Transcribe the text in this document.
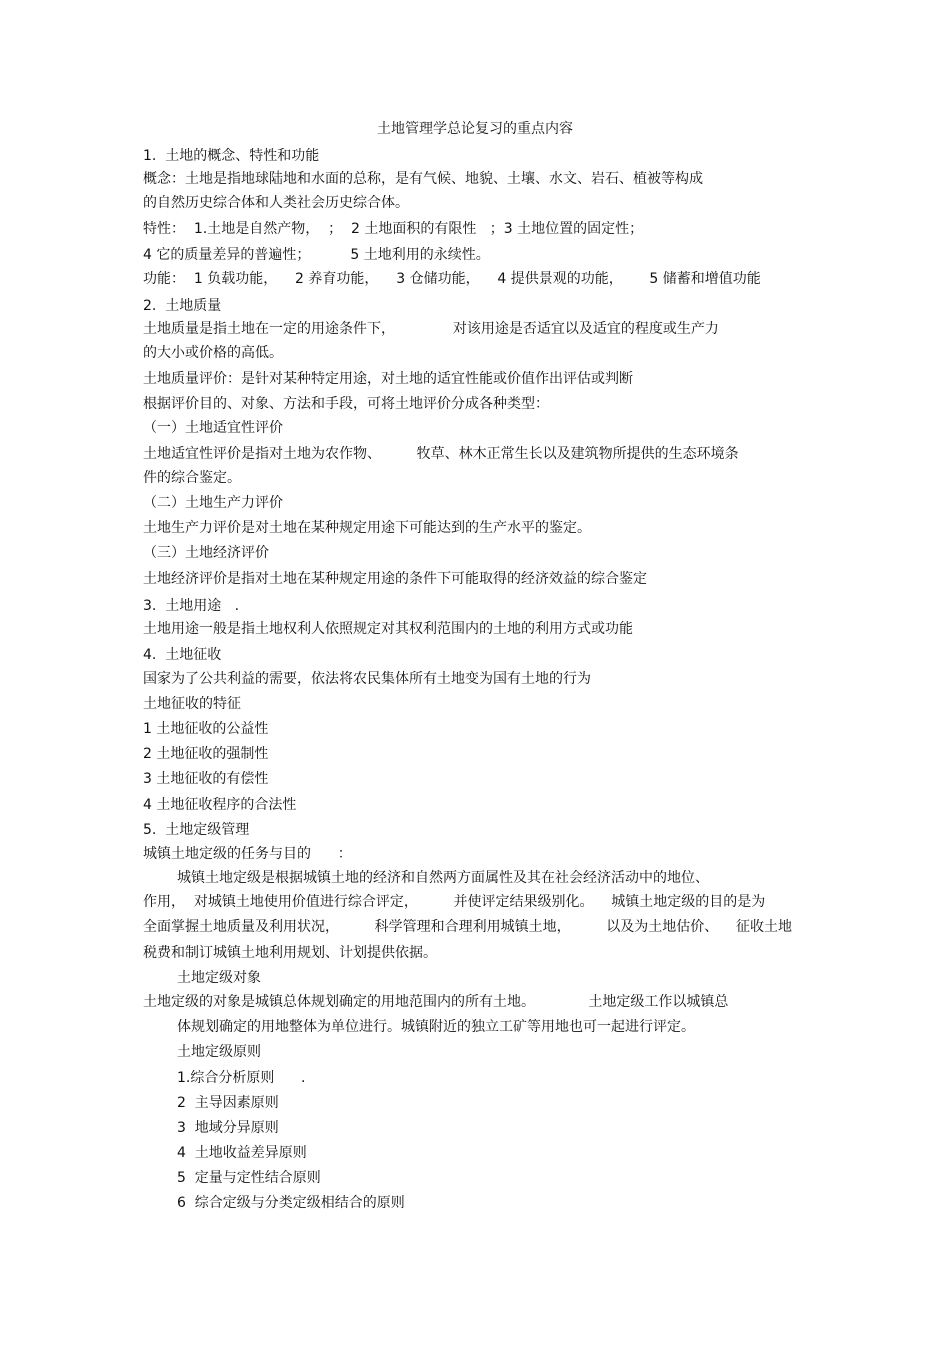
土地管理学总论复习的重点内容
1.  土地的概念、特性和功能
概念：土地是指地球陆地和水面的总称，是有气候、地貌、土壤、水文、岩石、植被等构成
的自然历史综合体和人类社会历史综合体。
特性：  1.土地是自然产物，  ；  2 土地面积的有限性   ；3 土地位置的固定性；
4 它的质量差异的普遍性；         5 土地利用的永续性。
功能：  1 负载功能，    2 养育功能，    3 仓储功能，    4 提供景观的功能，      5 储蓄和增值功能
2.  土地质量
土地质量是指土地在一定的用途条件下，             对该用途是否适宜以及适宜的程度或生产力
的大小或价格的高低。
土地质量评价：是针对某种特定用途，对土地的适宜性能或价值作出评估或判断
根据评价目的、对象、方法和手段，可将土地评价分成各种类型：
（一）土地适宜性评价
土地适宜性评价是指对土地为农作物、        牧草、林木正常生长以及建筑物所提供的生态环境条
件的综合鉴定。
（二）土地生产力评价
土地生产力评价是对土地在某种规定用途下可能达到的生产水平的鉴定。
（三）土地经济评价
土地经济评价是指对土地在某种规定用途的条件下可能取得的经济效益的综合鉴定
3.  土地用途   .
土地用途一般是指土地权利人依照规定对其权利范围内的土地的利用方式或功能
4.  土地征收
国家为了公共利益的需要，依法将农民集体所有土地变为国有土地的行为
土地征收的特征
1 土地征收的公益性
2 土地征收的强制性
3 土地征收的有偿性
4 土地征收程序的合法性
5.  土地定级管理
城镇土地定级的任务与目的      ：
城镇土地定级是根据城镇土地的经济和自然两方面属性及其在社会经济活动中的地位、
作用，  对城镇土地使用价值进行综合评定，        并使评定结果级别化。    城镇土地定级的目的是为
全面掌握土地质量及利用状况，        科学管理和合理利用城镇土地，        以及为土地估价、    征收土地
税费和制订城镇土地利用规划、计划提供依据。
土地定级对象
土地定级的对象是城镇总体规划确定的用地范围内的所有土地。            土地定级工作以城镇总
体规划确定的用地整体为单位进行。城镇附近的独立工矿等用地也可一起进行评定。
土地定级原则
1.综合分析原则      .
2  主导因素原则
3  地域分异原则
4  土地收益差异原则
5  定量与定性结合原则
6  综合定级与分类定级相结合的原则
